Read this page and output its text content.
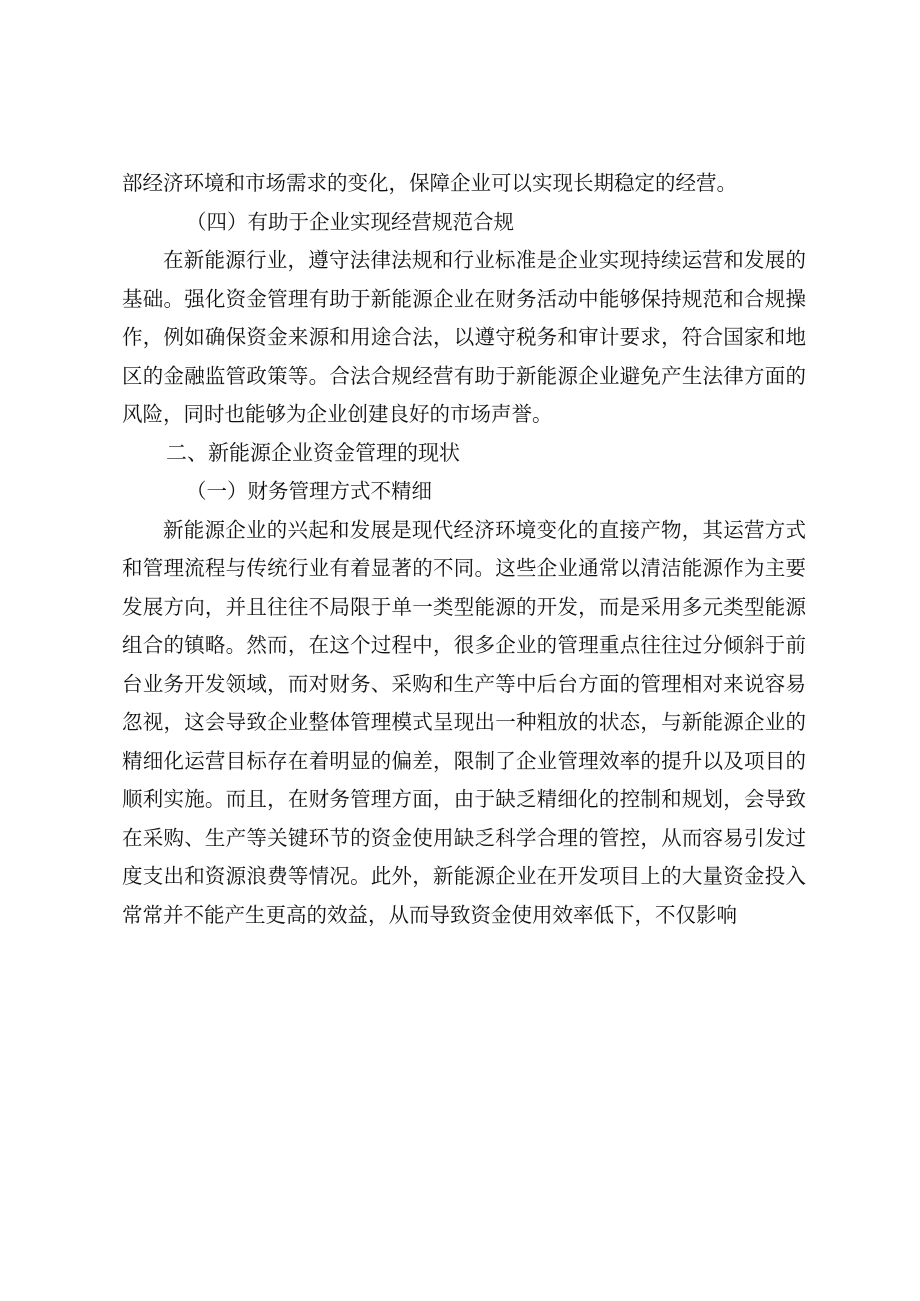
部经济环境和市场需求的变化，保障企业可以实现长期稳定的经营。

（四）有助于企业实现经营规范合规

在新能源行业，遵守法律法规和行业标准是企业实现持续运营和发展的基础。强化资金管理有助于新能源企业在财务活动中能够保持规范和合规操作，例如确保资金来源和用途合法，以遵守税务和审计要求，符合国家和地区的金融监管政策等。合法合规经营有助于新能源企业避免产生法律方面的风险，同时也能够为企业创建良好的市场声誉。

二、新能源企业资金管理的现状

（一）财务管理方式不精细

新能源企业的兴起和发展是现代经济环境变化的直接产物，其运营方式和管理流程与传统行业有着显著的不同。这些企业通常以清洁能源作为主要发展方向，并且往往不局限于单一类型能源的开发，而是采用多元类型能源组合的镇略。然而，在这个过程中，很多企业的管理重点往往过分倾斜于前台业务开发领域，而对财务、采购和生产等中后台方面的管理相对来说容易忽视，这会导致企业整体管理模式呈现出一种粗放的状态，与新能源企业的精细化运营目标存在着明显的偏差，限制了企业管理效率的提升以及项目的顺利实施。而且，在财务管理方面，由于缺乏精细化的控制和规划，会导致在采购、生产等关键环节的资金使用缺乏科学合理的管控，从而容易引发过度支出和资源浪费等情况。此外，新能源企业在开发项目上的大量资金投入常常并不能产生更高的效益，从而导致资金使用效率低下，不仅影响
